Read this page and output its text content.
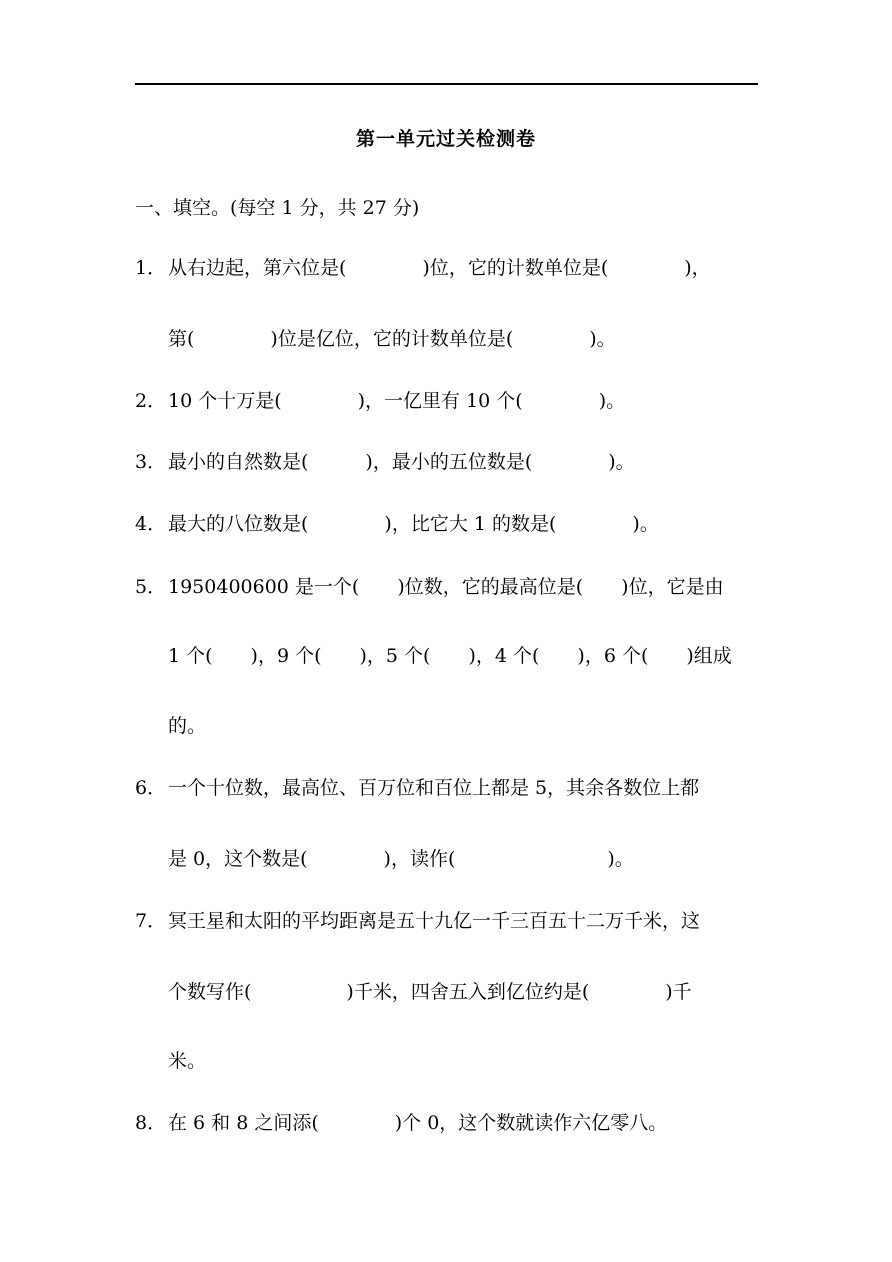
第一单元过关检测卷
一、填空。(每空 1 分，共 27 分)
1． 从右边起，第六位是(　　　　)位，它的计数单位是(　　　　)，
第(　　　　)位是亿位，它的计数单位是(　　　　)。
2． 10 个十万是(　　　　)，一亿里有 10 个(　　　　)。
3． 最小的自然数是(　　　)，最小的五位数是(　　　　)。
4． 最大的八位数是(　　　　)，比它大 1 的数是(　　　　)。
5． 1950400600 是一个(　　)位数，它的最高位是(　　)位，它是由
1 个(　　)，9 个(　　)，5 个(　　)，4 个(　　)，6 个(　　)组成
的。
6． 一个十位数，最高位、百万位和百位上都是 5，其余各数位上都
是 0，这个数是(　　　　)，读作(　　　　　　　　)。
7． 冥王星和太阳的平均距离是五十九亿一千三百五十二万千米，这
个数写作(　　　　　)千米，四舍五入到亿位约是(　　　　)千
米。
8． 在 6 和 8 之间添(　　　　)个 0，这个数就读作六亿零八。
